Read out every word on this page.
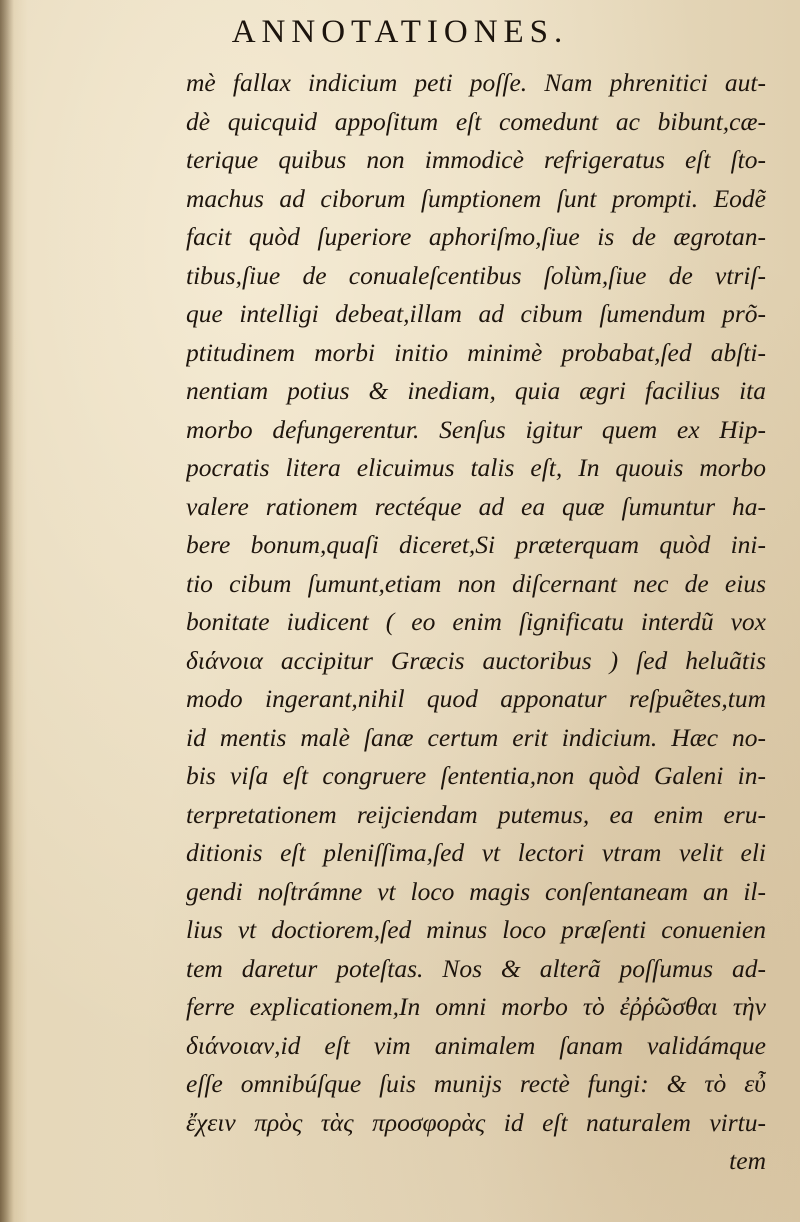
ANNOTATIONES.
mè fallax indicium peti poſſe. Nam phrenitici aut-
dè quicquid appoſitum eſt comedunt ac bibunt,cæ-
terique quibus non immodicè refrigeratus eſt ſto-
machus ad ciborum ſumptionem ſunt prompti. Eodẽ
facit quòd ſuperiore aphoriſmo,ſiue is de ægrotan-
tibus,ſiue de conualeſcentibus ſolùm,ſiue de vtriſ-
que intelligi debeat,illam ad cibum ſumendum prõ-
ptitudinem morbi initio minimè probabat,ſed abſti-
nentiam potius & inediam, quia ægri facilius ita
morbo defungerentur. Senſus igitur quem ex Hip-
pocratis litera elicuimus talis eſt, In quouis morbo
valere rationem rectéque ad ea quæ ſumuntur ha-
bere bonum,quaſi diceret,Si præterquam quòd ini-
tio cibum ſumunt,etiam non diſcernant nec de eius
bonitate iudicent ( eo enim ſignificatu interdũ vox
διάνοια accipitur Græcis auctoribus ) ſed heluãtis
modo ingerant,nihil quod apponatur reſpuẽtes,tum
id mentis malè ſanæ certum erit indicium. Hæc no-
bis viſa eſt congruere ſententia,non quòd Galeni in-
terpretationem reijciendam putemus, ea enim eru-
ditionis eſt pleniſſima,ſed vt lectori vtram velit eli
gendi noſtrámne vt loco magis conſentaneam an il-
lius vt doctiorem,ſed minus loco præſenti conuenien
tem daretur poteſtas. Nos & alterã poſſumus ad-
ferre explicationem,In omni morbo τὸ ἐῤῥῶσθαι τὴν
διάνοιαν,id eſt vim animalem ſanam validámque
eſſe omnibúſque ſuis munijs rectè fungi: & τὸ εὖ
ἔχειν πρὸς τὰς προσφορὰς id eſt naturalem virtu-
tem
